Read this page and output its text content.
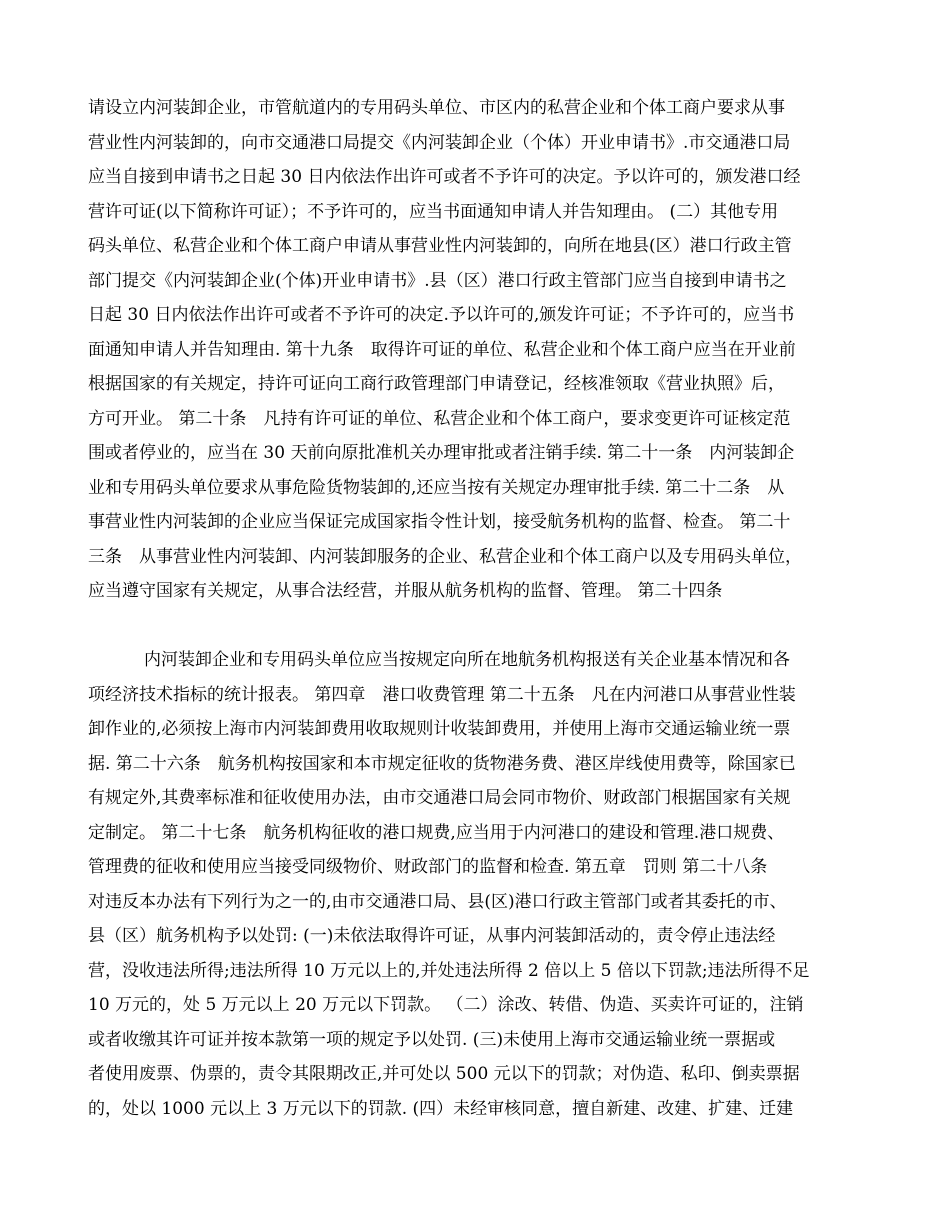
请设立内河装卸企业，市管航道内的专用码头单位、市区内的私营企业和个体工商户要求从事
营业性内河装卸的，向市交通港口局提交《内河装卸企业（个体）开业申请书》.市交通港口局
应当自接到申请书之日起 30 日内依法作出许可或者不予许可的决定。予以许可的，颁发港口经
营许可证(以下简称许可证）；不予许可的，应当书面通知申请人并告知理由。 (二）其他专用
码头单位、私营企业和个体工商户申请从事营业性内河装卸的，向所在地县(区）港口行政主管
部门提交《内河装卸企业(个体)开业申请书》.县（区）港口行政主管部门应当自接到申请书之
日起 30 日内依法作出许可或者不予许可的决定.予以许可的,颁发许可证；不予许可的，应当书
面通知申请人并告知理由. 第十九条　取得许可证的单位、私营企业和个体工商户应当在开业前
根据国家的有关规定，持许可证向工商行政管理部门申请登记，经核准领取《营业执照》后，
方可开业。 第二十条　凡持有许可证的单位、私营企业和个体工商户，要求变更许可证核定范
围或者停业的，应当在 30 天前向原批准机关办理审批或者注销手续. 第二十一条　内河装卸企
业和专用码头单位要求从事危险货物装卸的,还应当按有关规定办理审批手续. 第二十二条　从
事营业性内河装卸的企业应当保证完成国家指令性计划，接受航务机构的监督、检查。 第二十
三条　从事营业性内河装卸、内河装卸服务的企业、私营企业和个体工商户以及专用码头单位，
应当遵守国家有关规定，从事合法经营，并服从航务机构的监督、管理。 第二十四条
内河装卸企业和专用码头单位应当按规定向所在地航务机构报送有关企业基本情况和各
项经济技术指标的统计报表。 第四章　港口收费管理 第二十五条　凡在内河港口从事营业性装
卸作业的,必须按上海市内河装卸费用收取规则计收装卸费用，并使用上海市交通运输业统一票
据. 第二十六条　航务机构按国家和本市规定征收的货物港务费、港区岸线使用费等，除国家已
有规定外,其费率标准和征收使用办法，由市交通港口局会同市物价、财政部门根据国家有关规
定制定。 第二十七条　航务机构征收的港口规费,应当用于内河港口的建设和管理.港口规费、
管理费的征收和使用应当接受同级物价、财政部门的监督和检查. 第五章　罚则 第二十八条
对违反本办法有下列行为之一的,由市交通港口局、县(区)港口行政主管部门或者其委托的市、
县（区）航务机构予以处罚: (一)未依法取得许可证，从事内河装卸活动的，责令停止违法经
营，没收违法所得;违法所得 10 万元以上的,并处违法所得 2 倍以上 5 倍以下罚款;违法所得不足
10 万元的，处 5 万元以上 20 万元以下罚款。 （二）涂改、转借、伪造、买卖许可证的，注销
或者收缴其许可证并按本款第一项的规定予以处罚. (三)未使用上海市交通运输业统一票据或
者使用废票、伪票的，责令其限期改正,并可处以 500 元以下的罚款；对伪造、私印、倒卖票据
的，处以 1000 元以上 3 万元以下的罚款. (四）未经审核同意，擅自新建、改建、扩建、迁建
